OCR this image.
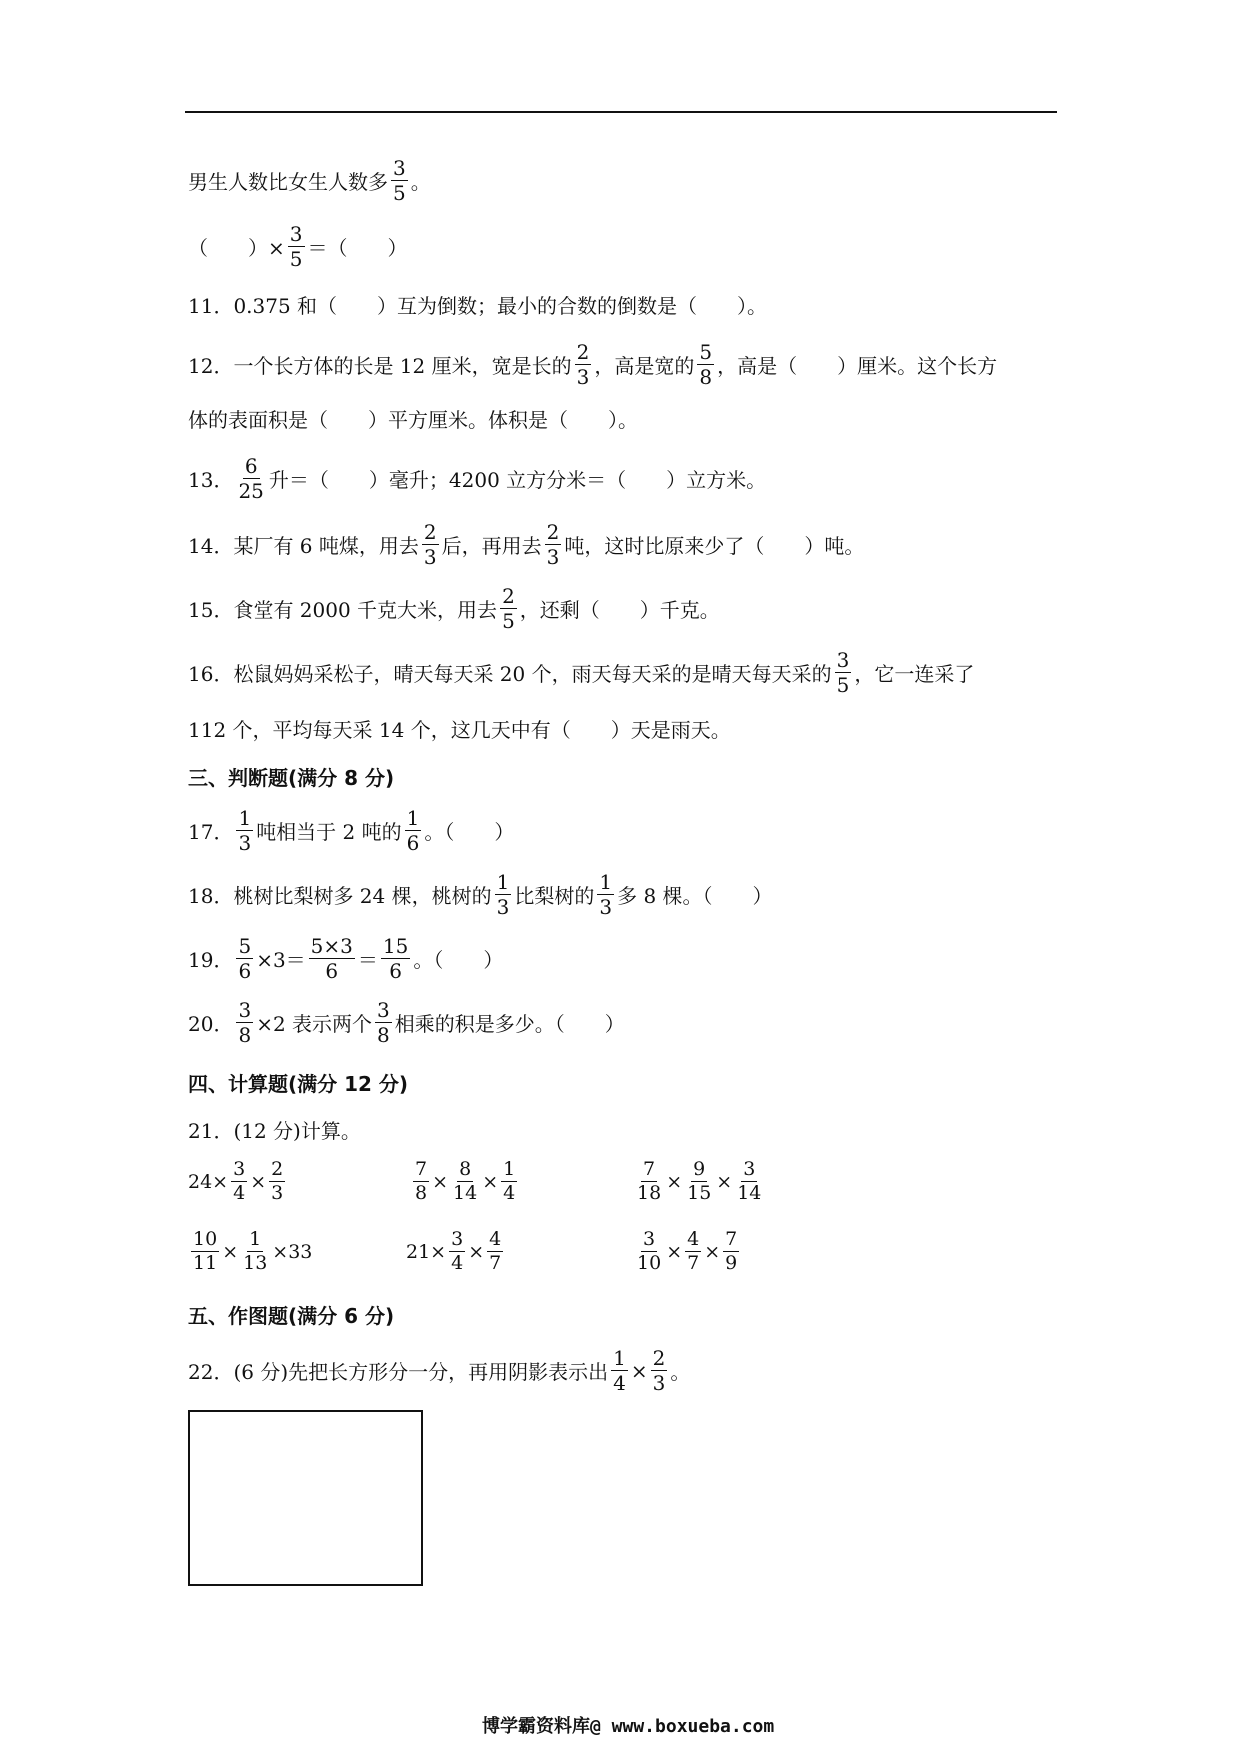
男生人数比女生人数多 $\frac{3}{5}$ 。
（　　）× $\frac{3}{5}$ ＝（　　）
11．0.375 和（　　）互为倒数；最小的合数的倒数是（　　）。
12．一个长方体的长是 12 厘米，宽是长的 $\frac{2}{3}$ ，高是宽的 $\frac{5}{8}$ ，高是（　　）厘米。这个长方
体的表面积是（　　）平方厘米。体积是（　　）。
13． $\frac{6}{25}$ 升＝（　　）毫升；4200 立方分米＝（　　）立方米。
14．某厂有 6 吨煤，用去 $\frac{2}{3}$ 后，再用去 $\frac{2}{3}$ 吨，这时比原来少了（　　）吨。
15．食堂有 2000 千克大米，用去 $\frac{2}{5}$ ，还剩（　　）千克。
16．松鼠妈妈采松子，晴天每天采 20 个，雨天每天采的是晴天每天采的 $\frac{3}{5}$ ，它一连采了
112 个，平均每天采 14 个，这几天中有（　　）天是雨天。
三、判断题(满分 8 分)
17． $\frac{1}{3}$ 吨相当于 2 吨的 $\frac{1}{6}$ 。（　　）
18．桃树比梨树多 24 棵，桃树的 $\frac{1}{3}$ 比梨树的 $\frac{1}{3}$ 多 8 棵。（　　）
19． $\frac{5}{6} \times 3= \frac{5\times 3}{6} = \frac{15}{6}$ 。（　　）
20． $\frac{3}{8} \times 2$ 表示两个 $\frac{3}{8}$ 相乘的积是多少。（　　）
四、计算题(满分 12 分)
21．(12 分)计算。
$24\times \frac{3}{4} \times \frac{2}{3}$	$\frac{7}{8} \times \frac{8}{14} \times \frac{1}{4}$	$\frac{7}{18} \times \frac{9}{15} \times \frac{3}{14}$
$\frac{10}{11} \times \frac{1}{13} \times 33$	$21\times \frac{3}{4} \times \frac{4}{7}$	$\frac{3}{10} \times \frac{4}{7} \times \frac{7}{9}$
五、作图题(满分 6 分)
22．(6 分)先把长方形分一分，再用阴影表示出 $\frac{1}{4} \times \frac{2}{3}$ 。
博学霸资料库@ www.boxueba.com
